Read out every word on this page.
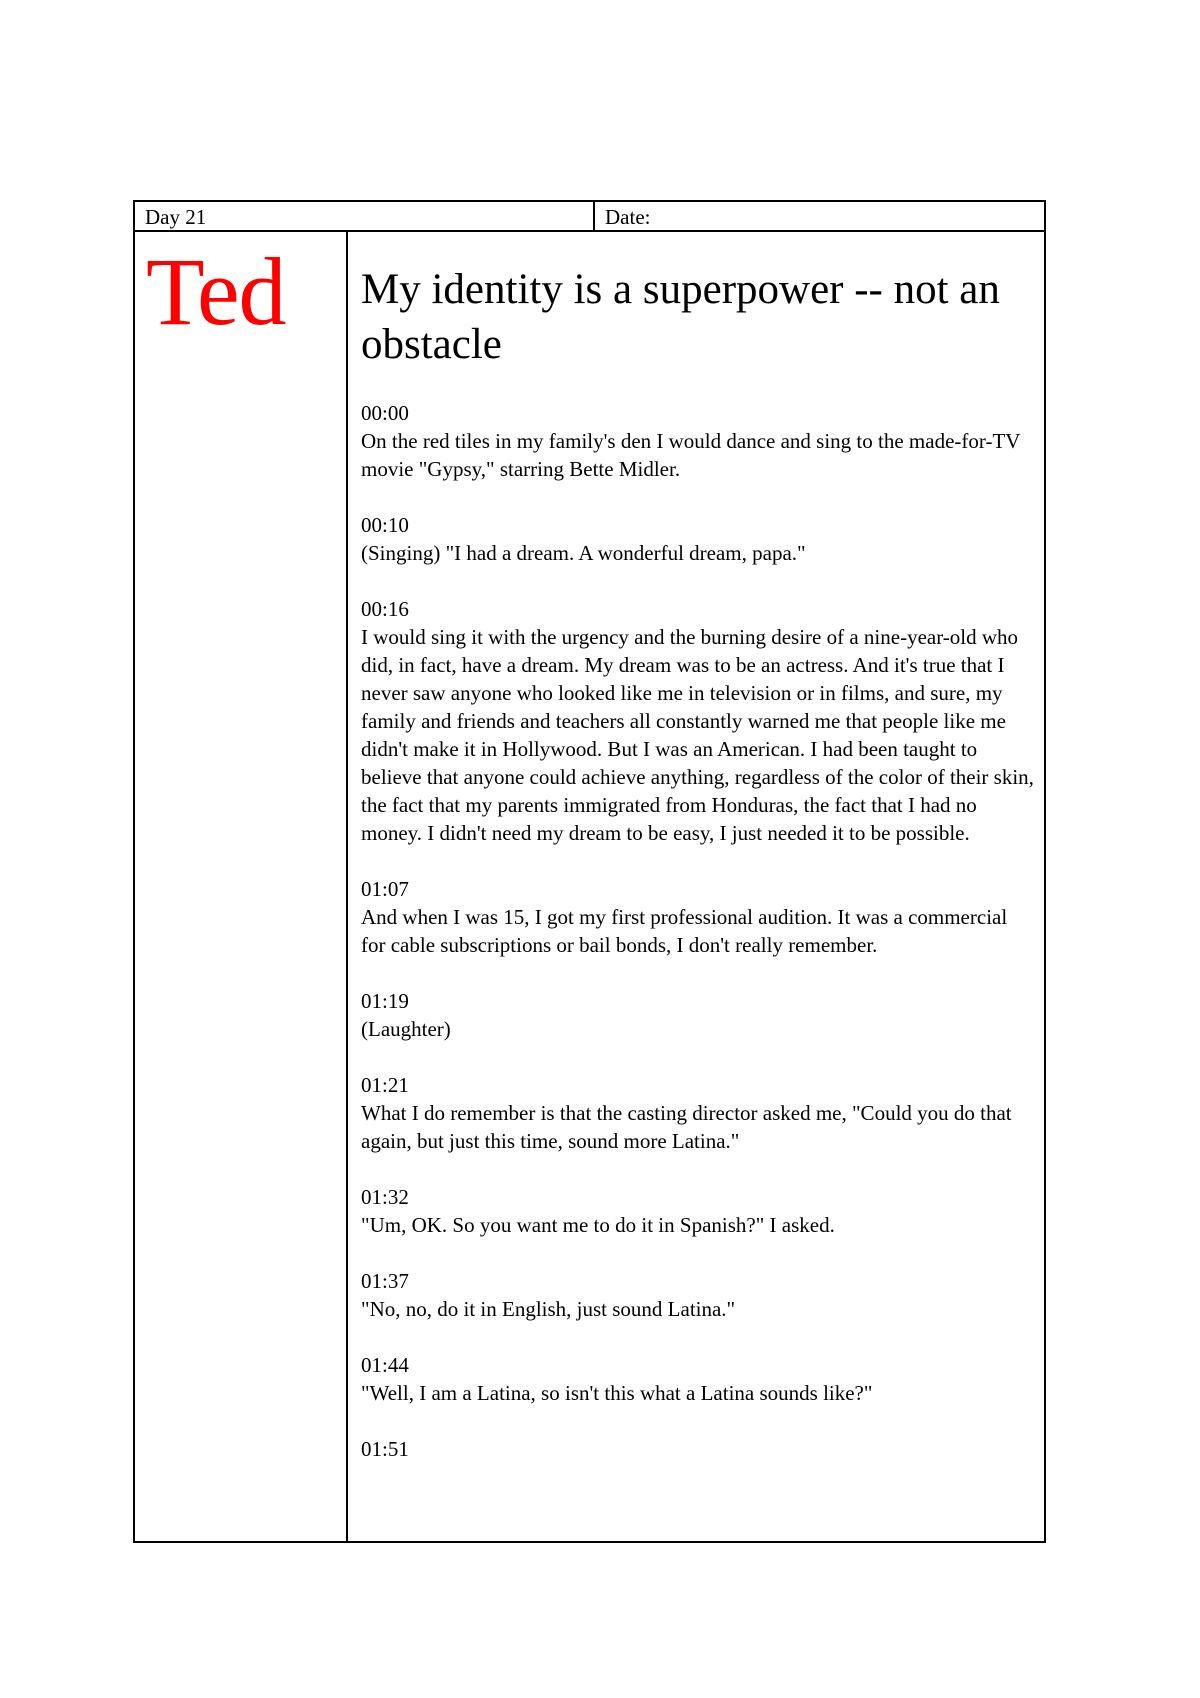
Day 21	Date:
Ted My identity is a superpower -- not an obstacle
00:00
On the red tiles in my family's den I would dance and sing to the made-for-TV movie "Gypsy," starring Bette Midler.
00:10
(Singing) "I had a dream. A wonderful dream, papa."
00:16
I would sing it with the urgency and the burning desire of a nine-year-old who did, in fact, have a dream. My dream was to be an actress. And it's true that I never saw anyone who looked like me in television or in films, and sure, my family and friends and teachers all constantly warned me that people like me didn't make it in Hollywood. But I was an American. I had been taught to believe that anyone could achieve anything, regardless of the color of their skin, the fact that my parents immigrated from Honduras, the fact that I had no money. I didn't need my dream to be easy, I just needed it to be possible.
01:07
And when I was 15, I got my first professional audition. It was a commercial for cable subscriptions or bail bonds, I don't really remember.
01:19
(Laughter)
01:21
What I do remember is that the casting director asked me, "Could you do that again, but just this time, sound more Latina."
01:32
"Um, OK. So you want me to do it in Spanish?" I asked.
01:37
"No, no, do it in English, just sound Latina."
01:44
"Well, I am a Latina, so isn't this what a Latina sounds like?"
01:51
